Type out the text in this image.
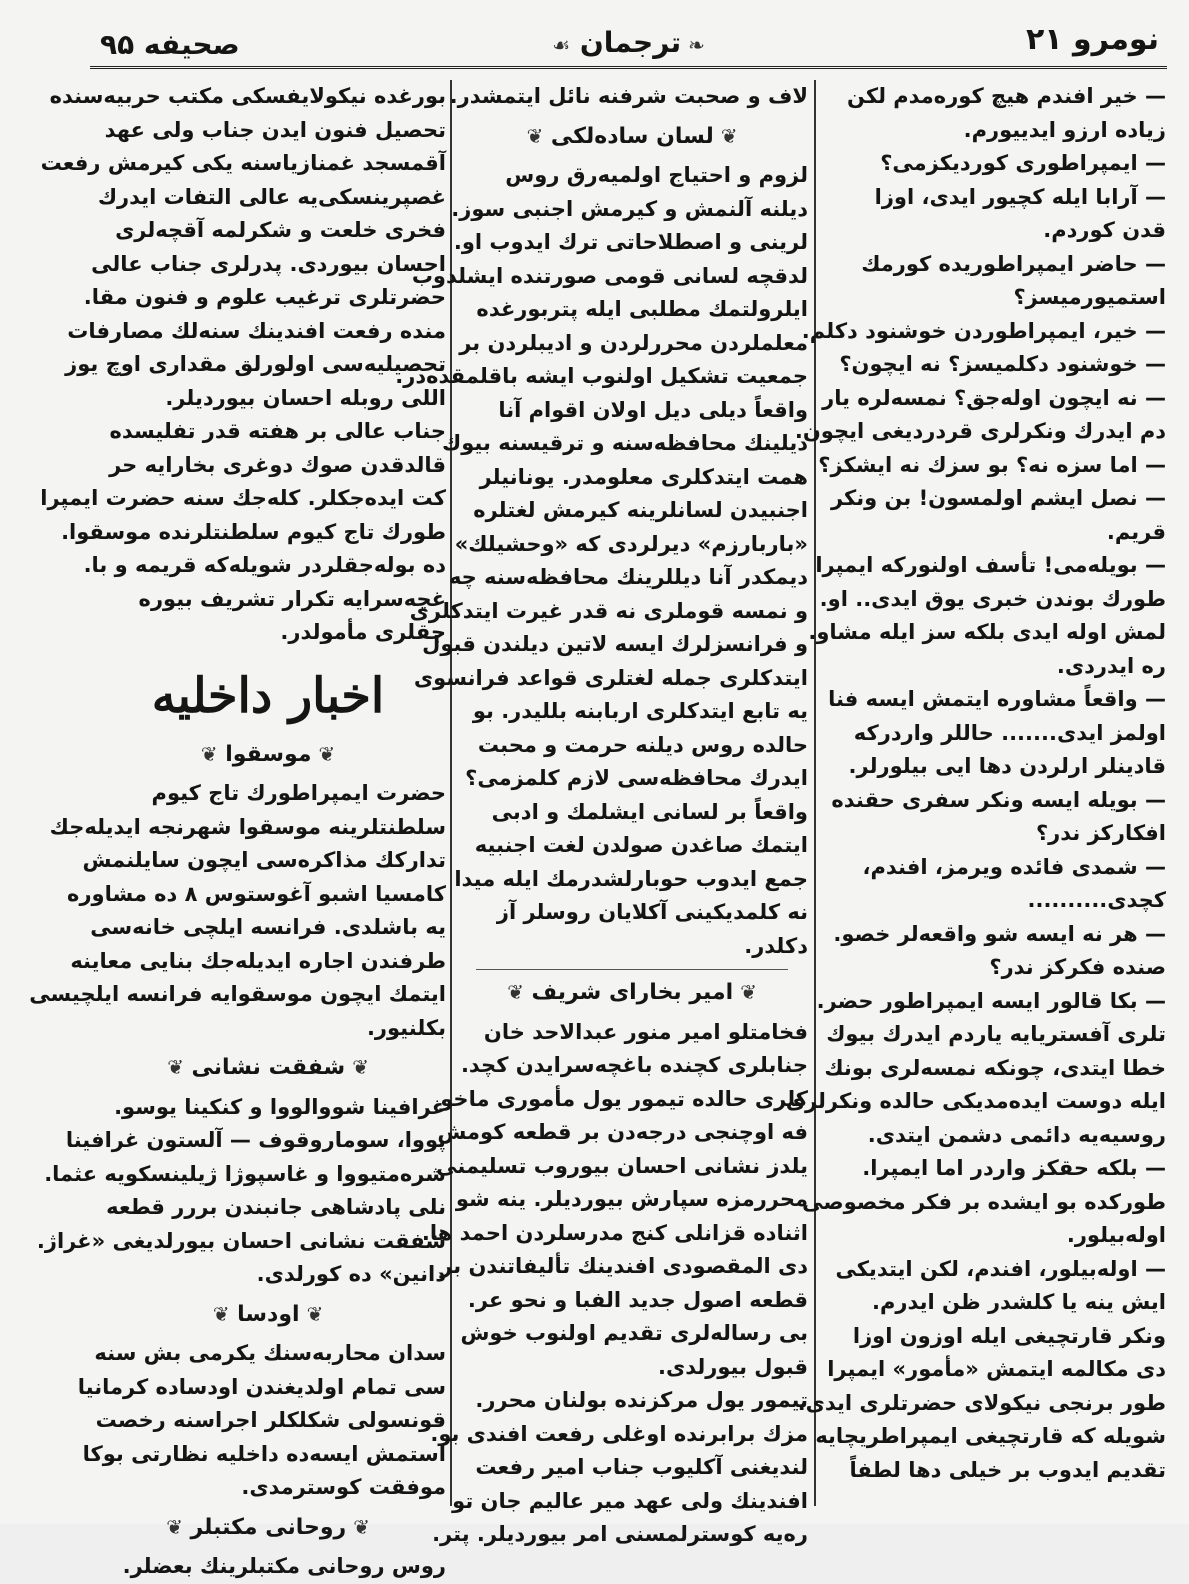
صحیفه ۹۵	❧ ترجمان ☙	نومرو ۲۱
— خیر افندم هیچ کوره‌مدم لکن
زیاده ارزو ایدییورم.
— ایمپراطوری کوردیکزمی؟
— آرابا ایله کچیور ایدی، اوزا
قدن کوردم.
— حاضر ایمپراطوریده کورمك
استمیورمیسز؟
— خیر، ایمپراطوردن خوشنود دکلم.
— خوشنود دکلمیسز؟ نه ایچون؟
— نه ایچون اوله‌جق؟ نمسه‌لره یار
دم ایدرك ونکرلری قردردیغی ایچون.
— اما سزه نه؟ بو سزك نه ایشکز؟
— نصل ایشم اولمسون! بن ونکر
قریم.
— بویله‌می! تأسف اولنورکه ایمپرا
طورك بوندن خبری یوق ایدی.. او.
لمش اوله ایدی بلکه سز ایله مشاو.
ره ایدردی.
— واقعاً مشاوره ایتمش ایسه فنا
اولمز ایدی....... حاللر واردرکه
قادینلر ارلردن دها ایی بیلورلر.
— بویله ایسه ونکر سفری حقنده
افکارکز ندر؟
— شمدی فائده ویرمز، افندم،
کچدی..........
— هر نه ایسه شو واقعه‌لر خصو.
صنده فکرکز ندر؟
— بکا قالور ایسه ایمپراطور حضر.
تلری آفستریایه یاردم ایدرك بیوك
خطا ایتدی، چونکه نمسه‌لری بونك
ایله دوست ایده‌مدیکی حالده ونکرلری
روسیه‌یه دائمی دشمن ایتدی.
— بلکه حقکز واردر اما ایمپرا.
طورکده بو ایشده بر فکر مخصوصی
اوله‌بیلور.
— اوله‌بیلور، افندم، لکن ایتدیکی
ایش ینه یا کلشدر ظن ایدرم.
ونکر قارتچیغی ایله اوزون اوزا
دی مکالمه ایتمش «مأمور» ایمپرا
طور برنجی نیکولای حضرتلری ایدی،
شویله که قارتچیغی ایمپراطریچایه
تقدیم ایدوب بر خیلی دها لطفاً
لاف و صحبت شرفنه نائل ایتمشدر.
❦ لسان ساده‌لکی ❦
لزوم و احتیاج اولمیه‌رق روس
دیلنه آلنمش و کیرمش اجنبی سوز.
لرینی و اصطلاحاتی ترك ایدوب او.
لدقچه لسانی قومی صورتنده ایشلدوب
ایلرولتمك مطلبی ایله پتربورغده
معلملردن محررلردن و ادیبلردن بر
جمعیت تشکیل اولنوب ایشه باقلمقده‌در.
واقعاً دیلی دیل اولان اقوام آنا
دیلینك محافظه‌سنه و ترقیسنه بیوك
همت ایتدکلری معلومدر. یونانیلر
اجنبیدن لسانلرینه کیرمش لغتلره
«باربارزم» دیرلردی که «وحشیلك»
دیمکدر آنا دیللرینك محافظه‌سنه چه
و نمسه قوملری نه قدر غیرت ایتدکلری
و فرانسزلرك ایسه لاتین دیلندن قبول
ایتدکلری جمله لغتلری قواعد فرانسوی
یه تابع ایتدکلری اربابنه بللیدر. بو
حالده روس دیلنه حرمت و محبت
ایدرك محافظه‌سی لازم کلمزمی؟
واقعاً بر لسانی ایشلمك و ادبی
ایتمك صاغدن صولدن لغت اجنبیه
جمع ایدوب حوبارلشدرمك ایله میدا
نه کلمدیکینی آکلایان روسلر آز
دکلدر.
❦ امیر بخارای شریف ❦
فخامتلو امیر منور عبدالاحد خان
جنابلری کچنده باغچه‌سرایدن کچد.
کلری حالده تیمور یول مأموری ماخو
فه اوچنجی درجه‌دن بر قطعه کومش
یلدز نشانی احسان بیوروب تسلیمنی
محررمزه سپارش بیوردیلر. ینه شو
اثناده قزانلی کنج مدرسلردن احمد ها.
دی المقصودی افندینك تألیفاتندن بر
قطعه اصول جدید الفبا و نحو عر.
بی رساله‌لری تقدیم اولنوب خوش
قبول بیورلدی.
تیمور یول مرکزنده بولنان محرر.
مزك برابرنده اوغلی رفعت افندی بو.
لندیغنی آکلیوب جناب امیر رفعت
افندینك ولی عهد میر عالیم جان تو
ره‌یه کوسترلمسنی امر بیوردیلر. پتر.
بورغده نیکولایفسکی مکتب حربیه‌سنده
تحصیل فنون ایدن جناب ولی عهد
آقمسجد غمنازیاسنه یکی کیرمش رفعت
غصپرینسکی‌یه عالی التفات ایدرك
فخری خلعت و شکرلمه آقچه‌لری
احسان بیوردی. پدرلری جناب عالی
حضرتلری ترغیب علوم و فنون مقا.
منده رفعت افندینك سنه‌لك مصارفات
تحصیلیه‌سی اولورلق مقداری اوچ یوز
اللی روبله احسان بیوردیلر.
جناب عالی بر هفته قدر تفلیسده
قالدقدن صوك دوغری بخارایه حر
کت ایده‌جکلر. کله‌جك سنه حضرت ایمپرا
طورك تاج کیوم سلطنتلرنده موسقوا.
ده بوله‌جقلردر شویله‌که قریمه و با.
غچه‌سرایه تکرار تشریف بیوره
جقلری مأمولدر.
اخبار داخلیه
❦ موسقوا ❦
حضرت ایمپراطورك تاج کیوم
سلطنتلرینه موسقوا شهرنجه ایدیله‌جك
تدارکك مذاکره‌سی ایچون سایلنمش
کامسیا اشبو آغوستوس ۸ ده مشاوره
یه باشلدی. فرانسه ایلچی خانه‌سی
طرفندن اجاره ایدیله‌جك بنایی معاینه
ایتمك ایچون موسقوایه فرانسه ایلچیسی
بکلنیور.
❦ شفقت نشانی ❦
غرافینا شووالووا و کنکینا یوسو.
پووا، سوماروقوف — آلستون غرافینا
شره‌متیووا و غاسپوژا ژیلینسکویه عثما.
نلی پادشاهی جانبندن بررر قطعه
شفقت نشانی احسان بیورلدیغی «غراژ.
دانین» ده کورلدی.
❦ اودسا ❦
سدان محاربه‌سنك یکرمی بش سنه
سی تمام اولدیغندن اودساده کرمانیا
قونسولی شکلکلر اجراسنه رخصت
استمش ایسه‌ده داخلیه نظارتی بوکا
موفقت کوسترمدی.
❦ روحانی مکتبلر ❦
روس روحانی مکتبلرینك بعضلر.
